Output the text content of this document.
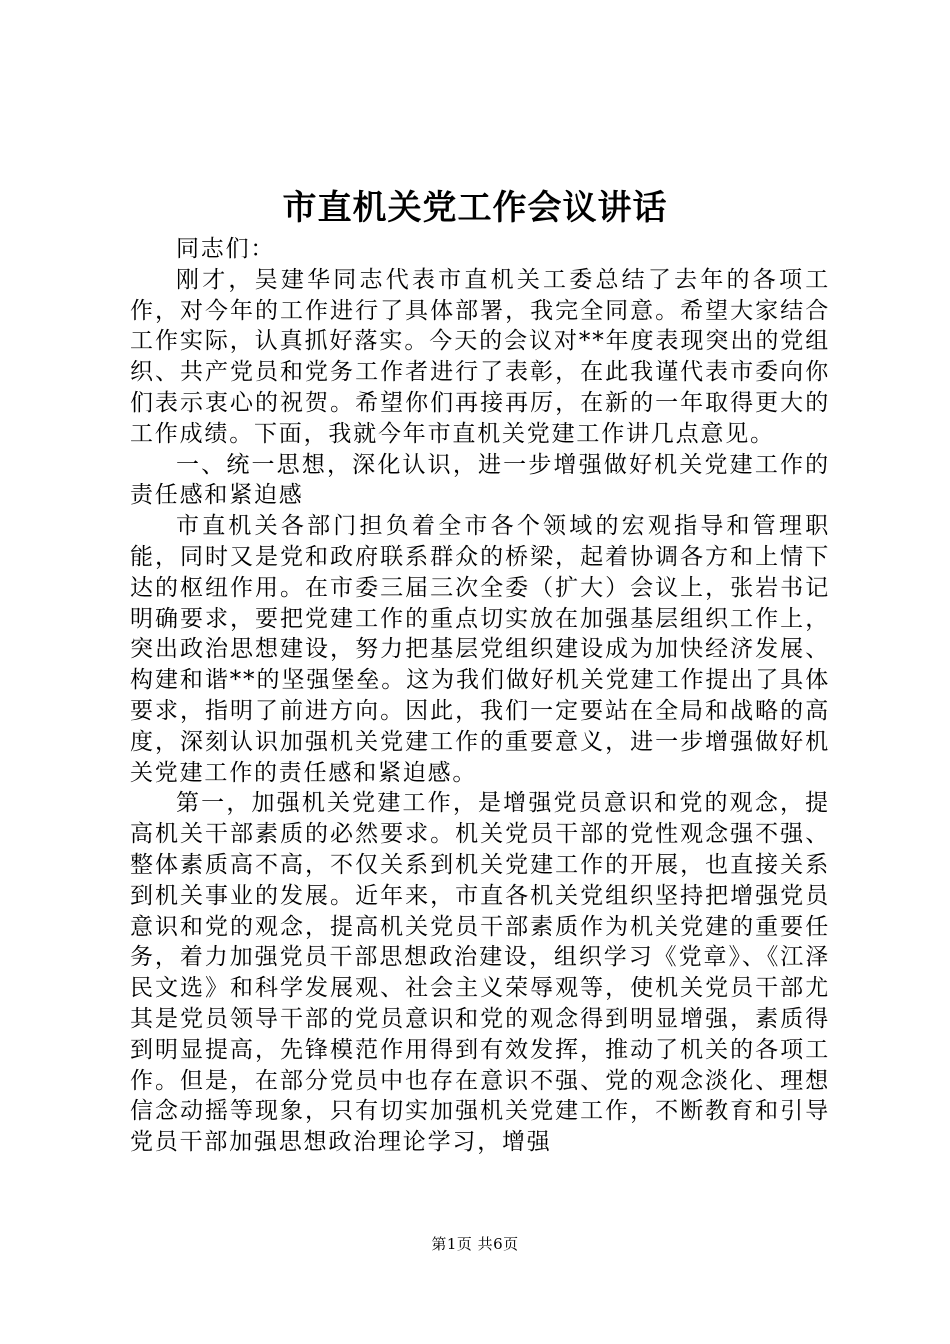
市直机关党工作会议讲话

同志们：

刚才，吴建华同志代表市直机关工委总结了去年的各项工作，对今年的工作进行了具体部署，我完全同意。希望大家结合工作实际，认真抓好落实。今天的会议对**年度表现突出的党组织、共产党员和党务工作者进行了表彰，在此我谨代表市委向你们表示衷心的祝贺。希望你们再接再厉，在新的一年取得更大的工作成绩。下面，我就今年市直机关党建工作讲几点意见。

一、统一思想，深化认识，进一步增强做好机关党建工作的责任感和紧迫感

市直机关各部门担负着全市各个领域的宏观指导和管理职能，同时又是党和政府联系群众的桥梁，起着协调各方和上情下达的枢纽作用。在市委三届三次全委（扩大）会议上，张岩书记明确要求，要把党建工作的重点切实放在加强基层组织工作上，突出政治思想建设，努力把基层党组织建设成为加快经济发展、构建和谐**的坚强堡垒。这为我们做好机关党建工作提出了具体要求，指明了前进方向。因此，我们一定要站在全局和战略的高度，深刻认识加强机关党建工作的重要意义，进一步增强做好机关党建工作的责任感和紧迫感。

第一，加强机关党建工作，是增强党员意识和党的观念，提高机关干部素质的必然要求。机关党员干部的党性观念强不强、整体素质高不高，不仅关系到机关党建工作的开展，也直接关系到机关事业的发展。近年来，市直各机关党组织坚持把增强党员意识和党的观念，提高机关党员干部素质作为机关党建的重要任务，着力加强党员干部思想政治建设，组织学习《党章》、《江泽民文选》和科学发展观、社会主义荣辱观等，使机关党员干部尤其是党员领导干部的党员意识和党的观念得到明显增强，素质得到明显提高，先锋模范作用得到有效发挥，推动了机关的各项工作。但是，在部分党员中也存在意识不强、党的观念淡化、理想信念动摇等现象，只有切实加强机关党建工作，不断教育和引导党员干部加强思想政治理论学习，增强

第1页 共6页
